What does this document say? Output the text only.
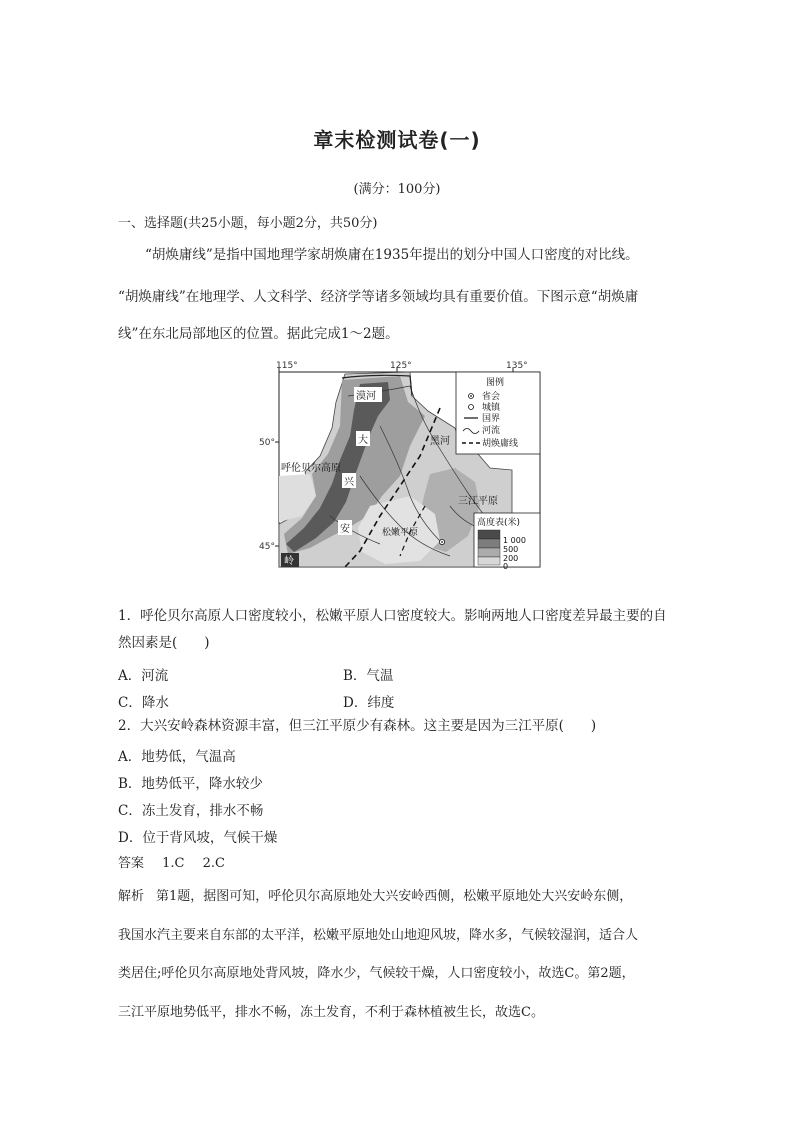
章末检测试卷(一)
(满分：100分)
一、选择题(共25小题，每小题2分，共50分)
“胡焕庸线”是指中国地理学家胡焕庸在1935年提出的划分中国人口密度的对比线。
“胡焕庸线”在地理学、人文科学、经济学等诸多领域均具有重要价值。下图示意“胡焕庸
线”在东北局部地区的位置。据此完成1～2题。
115°	125°	135°
50°
45°
漠河
大	黑河
呼伦贝尔高原
兴
三江平原
安	松嫩平原
岭
图例
省会
城镇
国界
河流
胡焕庸线
高度表(米)
1 000
500
200
0
1．呼伦贝尔高原人口密度较小，松嫩平原人口密度较大。影响两地人口密度差异最主要的自
然因素是(　　)
A．河流	B．气温
C．降水	D．纬度
2．大兴安岭森林资源丰富，但三江平原少有森林。这主要是因为三江平原(　　)
A．地势低，气温高
B．地势低平，降水较少
C．冻土发育，排水不畅
D．位于背风坡，气候干燥
答案 1.C 2.C
解析 第1题，据图可知，呼伦贝尔高原地处大兴安岭西侧，松嫩平原地处大兴安岭东侧，
我国水汽主要来自东部的太平洋，松嫩平原地处山地迎风坡，降水多，气候较湿润，适合人
类居住;呼伦贝尔高原地处背风坡，降水少，气候较干燥，人口密度较小，故选C。第2题，
三江平原地势低平，排水不畅，冻土发育，不利于森林植被生长，故选C。
